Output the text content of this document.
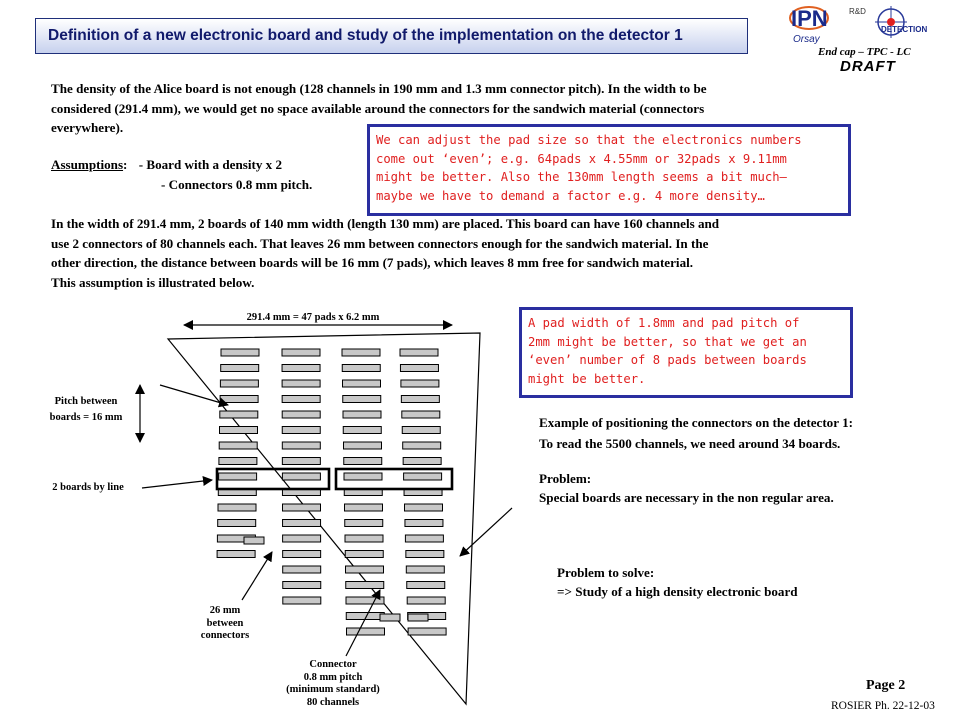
Definition of a new electronic board and study of the implementation on the detector 1
IPN
Orsay
R&D
DETECTION
End cap – TPC - LC
DRAFT
The density of the Alice board is not enough (128 channels in 190 mm and 1.3 mm connector pitch). In the width to be
considered (291.4 mm), we would get no space available around the connectors for the sandwich material (connectors
everywhere).
Assumptions: - Board with a density x 2
- Connectors 0.8 mm pitch.
In the width of 291.4 mm, 2 boards of 140 mm width (length 130 mm) are placed. This board can have 160 channels and
use 2 connectors of 80 channels each. That leaves 26 mm between connectors enough for the sandwich material. In the
other direction, the distance between boards will be 16 mm (7 pads), which leaves 8 mm free for sandwich material.
This assumption is illustrated below.
We can adjust the pad size so that the electronics numbers
come out ‘even’; e.g. 64pads x 4.55mm or 32pads x 9.11mm
might be better. Also the 130mm length seems a bit much—
maybe we have to demand a factor e.g. 4 more density…
A pad width of 1.8mm and pad pitch of
2mm might be better, so that we get an
‘even’ number of 8 pads between boards
might be better.
291.4 mm = 47 pads x 6.2 mm
Pitch between
boards = 16 mm
2 boards by line
26 mm
between
connectors
Connector
0.8 mm pitch
(minimum standard)
80 channels
Example of positioning the connectors on the detector 1:
To read the 5500 channels, we need around 34 boards.
Problem:
Special boards are necessary in the non regular area.
Problem to solve:
=> Study of a high density electronic board
Page 2
ROSIER Ph. 22-12-03
